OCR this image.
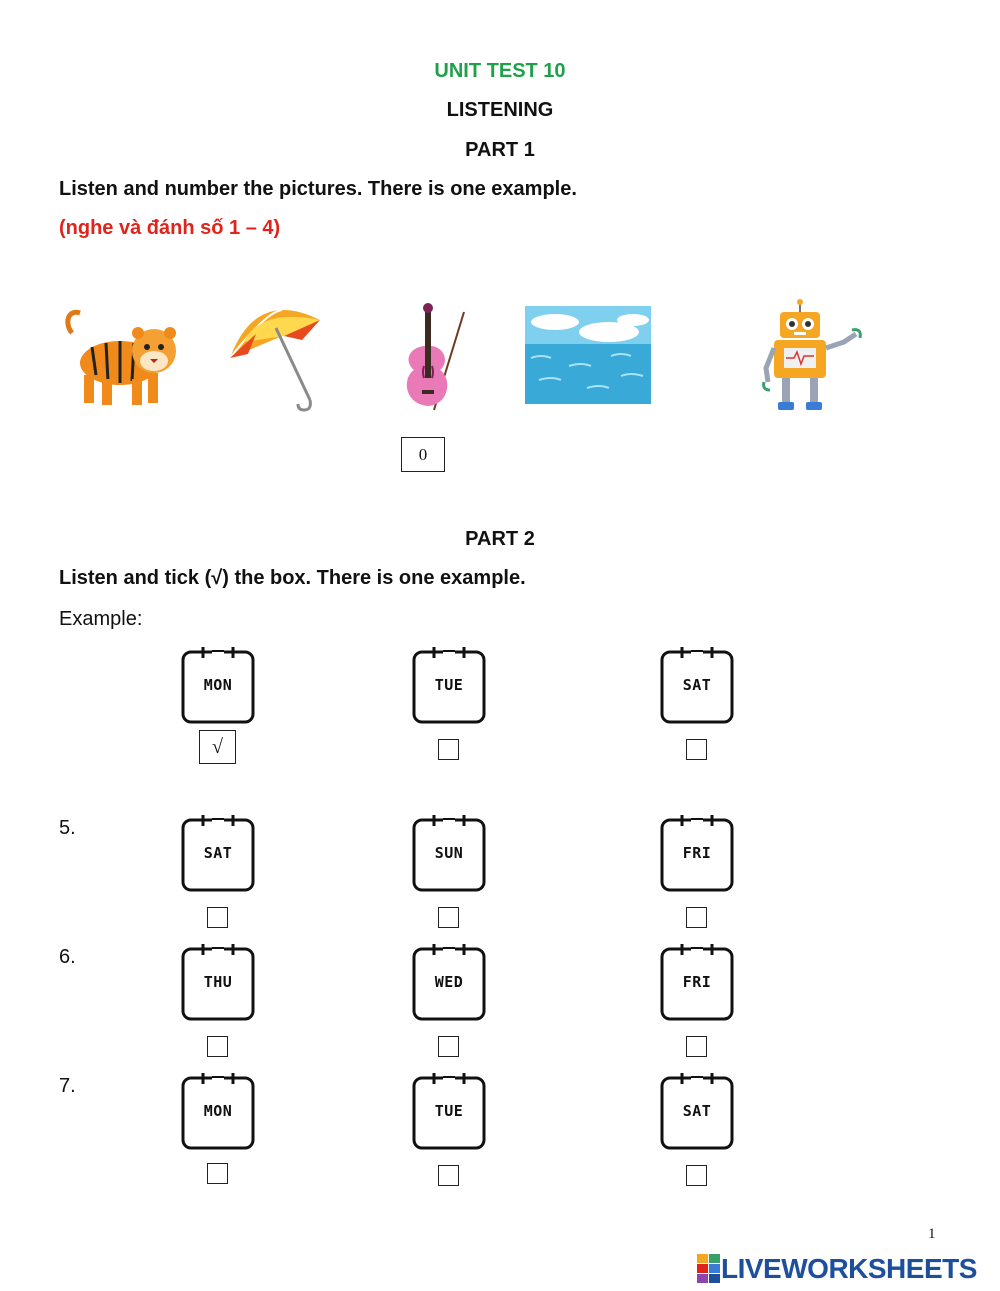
UNIT TEST 10
LISTENING
PART 1
Listen and number the pictures. There is one example.
(nghe và đánh số 1 – 4)
0
PART 2
Listen and tick (√) the box. There is one example.
Example:
MON	TUE	SAT
√
5.
SAT	SUN	FRI
6.
THU	WED	FRI
7.
MON	TUE	SAT
1
LIVEWORKSHEETS
